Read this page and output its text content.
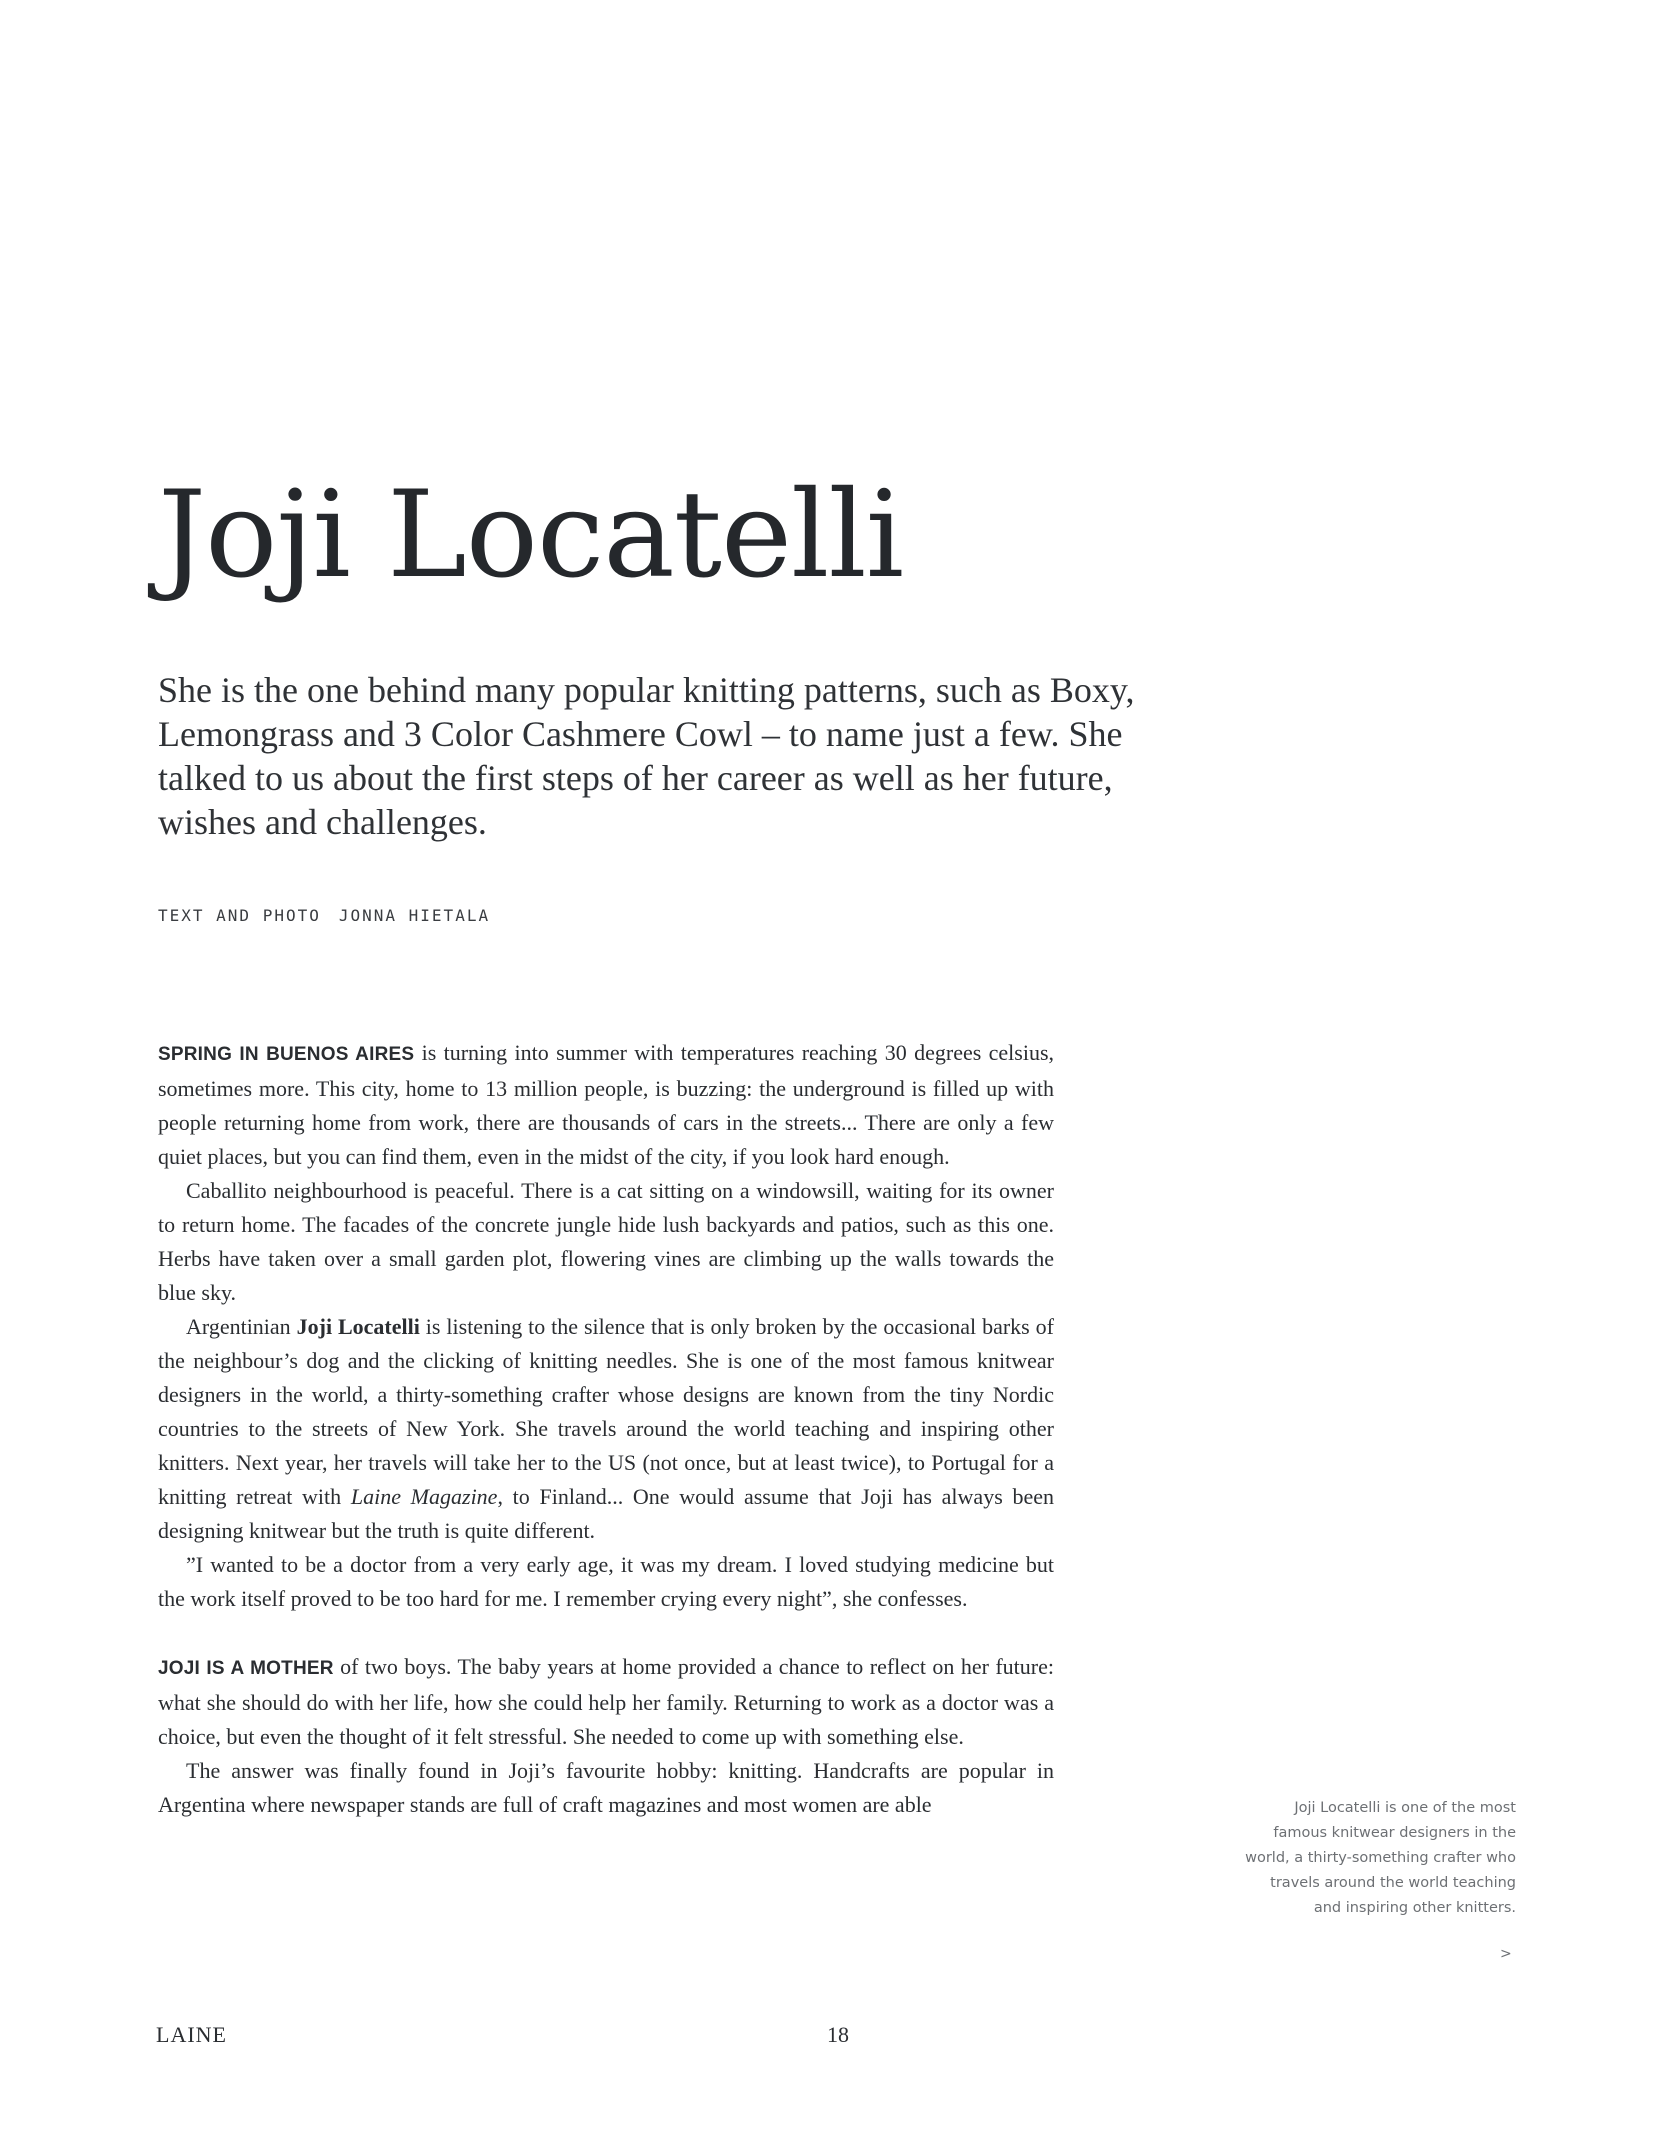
Joji Locatelli

She is the one behind many popular knitting patterns, such as Boxy, Lemongrass and 3 Color Cashmere Cowl – to name just a few. She talked to us about the first steps of her career as well as her future, wishes and challenges.

TEXT AND PHOTO JONNA HIETALA

SPRING IN BUENOS AIRES is turning into summer with temperatures reaching 30 degrees celsius, sometimes more. This city, home to 13 million people, is buzzing: the underground is filled up with people returning home from work, there are thousands of cars in the streets... There are only a few quiet places, but you can find them, even in the midst of the city, if you look hard enough.

Caballito neighbourhood is peaceful. There is a cat sitting on a windowsill, waiting for its owner to return home. The facades of the concrete jungle hide lush backyards and patios, such as this one. Herbs have taken over a small garden plot, flowering vines are climbing up the walls towards the blue sky.

Argentinian Joji Locatelli is listening to the silence that is only broken by the occasional barks of the neighbour’s dog and the clicking of knitting needles. She is one of the most famous knitwear designers in the world, a thirty-something crafter whose designs are known from the tiny Nordic countries to the streets of New York. She travels around the world teaching and inspiring other knitters. Next year, her travels will take her to the US (not once, but at least twice), to Portugal for a knitting retreat with Laine Magazine, to Finland... One would assume that Joji has always been designing knitwear but the truth is quite different.

”I wanted to be a doctor from a very early age, it was my dream. I loved studying medicine but the work itself proved to be too hard for me. I remember crying every night”, she confesses.

JOJI IS A MOTHER of two boys. The baby years at home provided a chance to reflect on her future: what she should do with her life, how she could help her family. Returning to work as a doctor was a choice, but even the thought of it felt stressful. She needed to come up with something else.

The answer was finally found in Joji’s favourite hobby: knitting. Handcrafts are popular in Argentina where newspaper stands are full of craft magazines and most women are able	Joji Locatelli is one of the most famous knitwear designers in the world, a thirty-something crafter who travels around the world teaching and inspiring other knitters.

>
LAINE	18
